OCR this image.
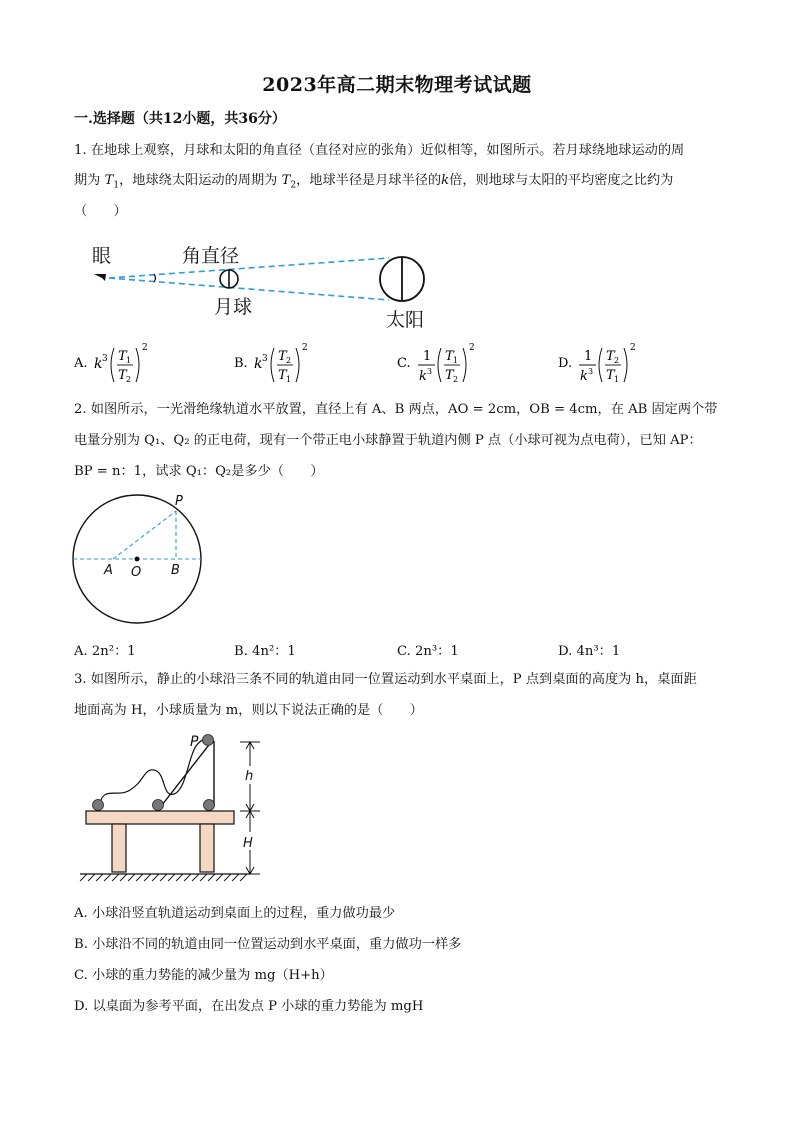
2023年高二期末物理考试试题
一.选择题（共12小题，共36分）
1. 在地球上观察，月球和太阳的角直径（直径对应的张角）近似相等，如图所示。若月球绕地球运动的周
期为 $T_1$，地球绕太阳运动的周期为 $T_2$，地球半径是月球半径的k倍，则地球与太阳的平均密度之比约为
（　　）
眼	角直径
月球
太阳
A. k 3 T 1
T 2
2
B. k 3 T 2
T 1
2
C. 1
k 3
T 1
T 2
2
D. 1
k 3
T 2
T 1
2
2. 如图所示，一光滑绝缘轨道水平放置，直径上有 A、B 两点，AO = 2cm，OB = 4cm，在 AB 固定两个带
电量分别为 Q₁、Q₂ 的正电荷，现有一个带正电小球静置于轨道内侧 P 点（小球可视为点电荷），已知 AP：
BP = n：1，试求 Q₁：Q₂是多少（　　）
P
A O B
A. 2n²：1	B. 4n²：1	C. 2n³：1	D. 4n³：1
3. 如图所示，静止的小球沿三条不同的轨道由同一位置运动到水平桌面上，P 点到桌面的高度为 h，桌面距
地面高为 H，小球质量为 m，则以下说法正确的是（　　）
P
h
H
A. 小球沿竖直轨道运动到桌面上的过程，重力做功最少
B. 小球沿不同的轨道由同一位置运动到水平桌面，重力做功一样多
C. 小球的重力势能的减少量为 mg（H+h）
D. 以桌面为参考平面，在出发点 P 小球的重力势能为 mgH
